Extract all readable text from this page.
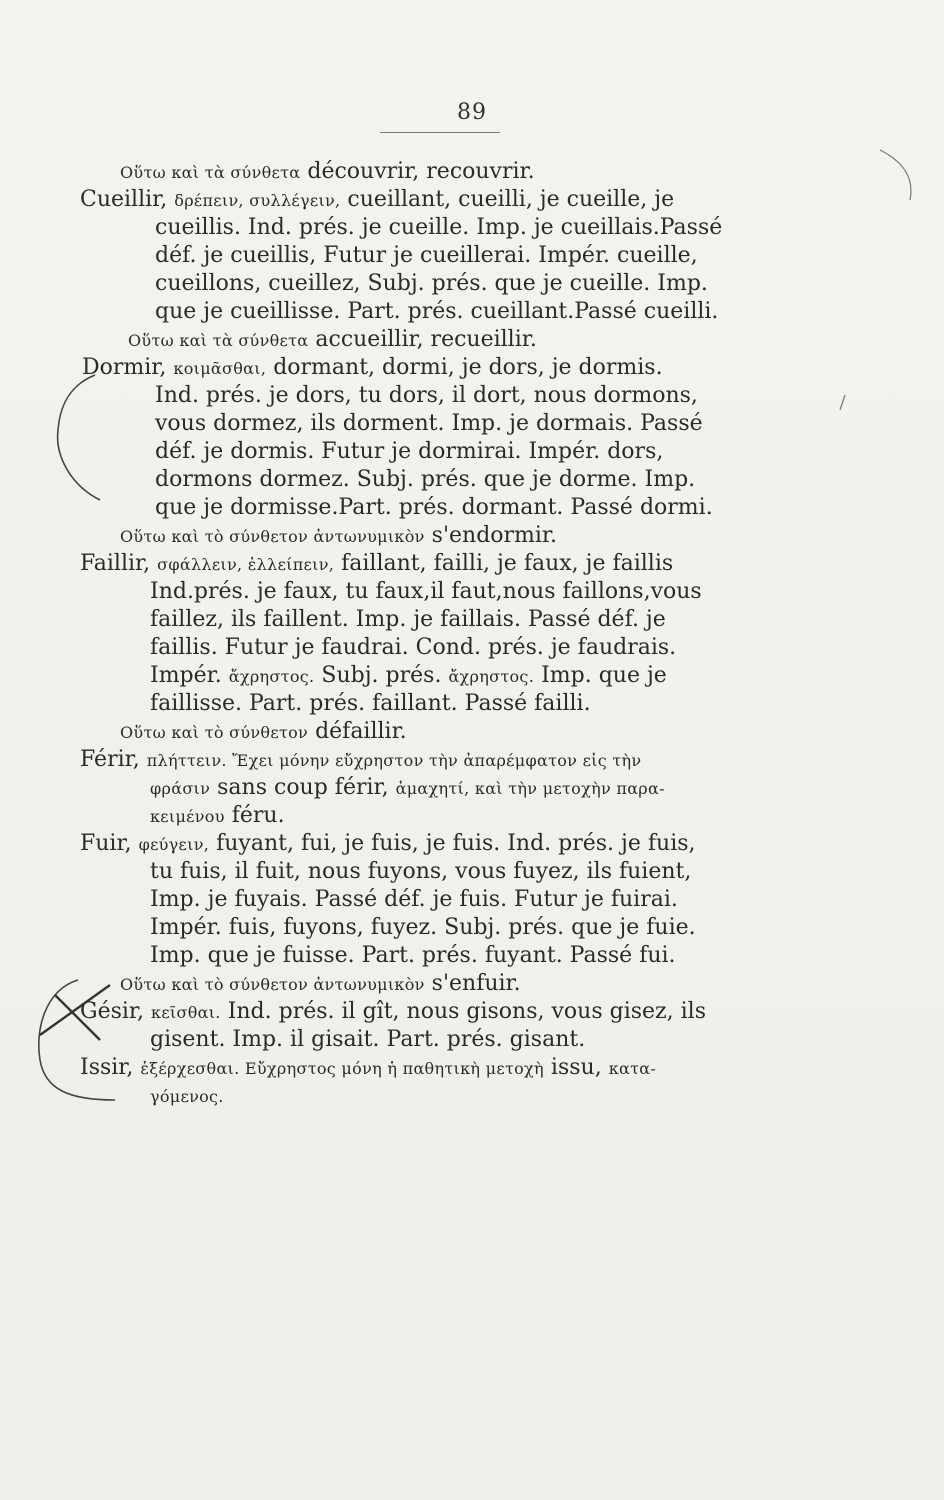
89
Οὕτω καὶ τὰ σύνθετα découvrir, recouvrir.
Cueillir, δρέπειν, συλλέγειν, cueillant, cueilli, je cueille, je
cueillis. Ind. prés. je cueille. Imp. je cueillais.Passé
déf. je cueillis, Futur je cueillerai. Impér. cueille,
cueillons, cueillez, Subj. prés. que je cueille. Imp.
que je cueillisse. Part. prés. cueillant.Passé cueilli.
Οὕτω καὶ τὰ σύνθετα accueillir, recueillir.
Dormir, κοιμᾶσθαι, dormant, dormi, je dors, je dormis.
Ind. prés. je dors, tu dors, il dort, nous dormons,
vous dormez, ils dorment. Imp. je dormais. Passé
déf. je dormis. Futur je dormirai. Impér. dors,
dormons dormez. Subj. prés. que je dorme. Imp.
que je dormisse.Part. prés. dormant. Passé dormi.
Οὕτω καὶ τὸ σύνθετον ἀντωνυμικὸν s'endormir.
Faillir, σφάλλειν, ἐλλείπειν, faillant, failli, je faux, je faillis
Ind.prés. je faux, tu faux,il faut,nous faillons,vous
faillez, ils faillent. Imp. je faillais. Passé déf. je
faillis. Futur je faudrai. Cond. prés. je faudrais.
Impér. ἄχρηστος. Subj. prés. ἄχρηστος. Imp. que je
faillisse. Part. prés. faillant. Passé failli.
Οὕτω καὶ τὸ σύνθετον défaillir.
Férir, πλήττειν. Ἔχει μόνην εὔχρηστον τὴν ἀπαρέμφατον εἰς τὴν
φράσιν sans coup férir, ἀμαχητί, καὶ τὴν μετοχὴν παρα-
κειμένου féru.
Fuir, φεύγειν, fuyant, fui, je fuis, je fuis. Ind. prés. je fuis,
tu fuis, il fuit, nous fuyons, vous fuyez, ils fuient,
Imp. je fuyais. Passé déf. je fuis. Futur je fuirai.
Impér. fuis, fuyons, fuyez. Subj. prés. que je fuie.
Imp. que je fuisse. Part. prés. fuyant. Passé fui.
Οὕτω καὶ τὸ σύνθετον ἀντωνυμικὸν s'enfuir.
Gésir, κεῖσθαι. Ind. prés. il gît, nous gisons, vous gisez, ils
gisent. Imp. il gisait. Part. prés. gisant.
Issir, ἐξέρχεσθαι. Εὔχρηστος μόνη ἡ παθητικὴ μετοχὴ issu, κατα-
γόμενος.
